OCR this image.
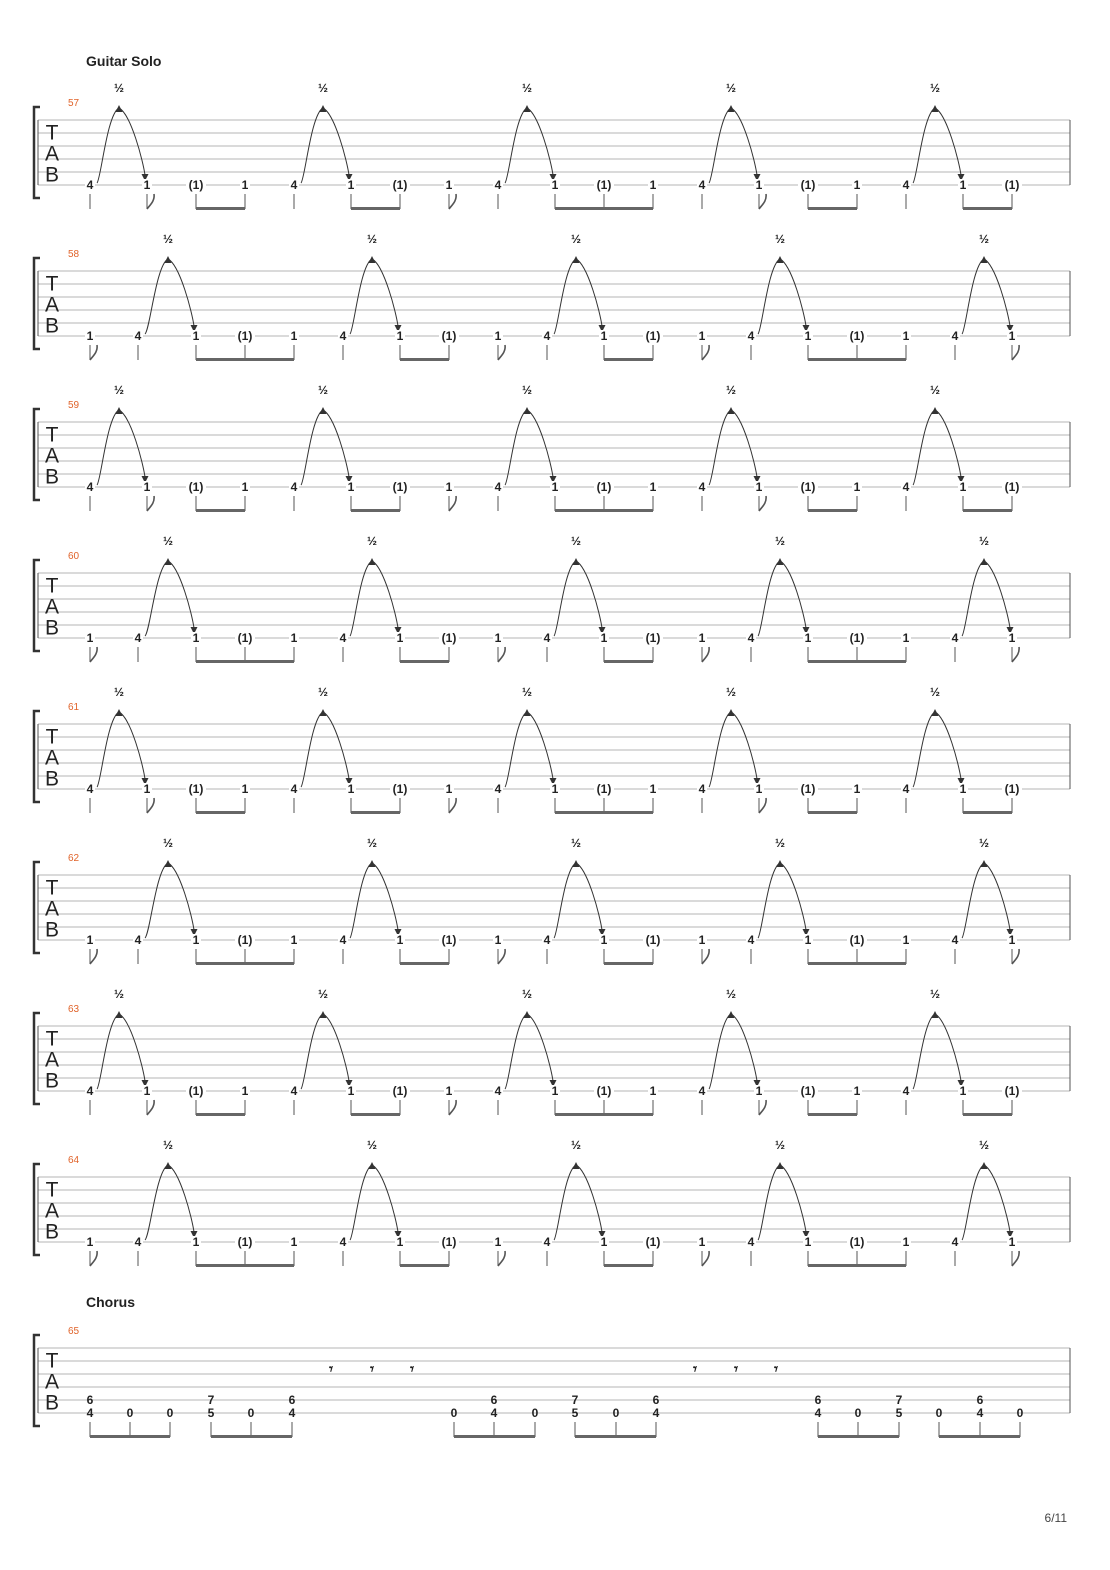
Guitar Solo
Chorus
T
A
B
57
½	½	½	½	½
4	1	(1)	1	4	1	(1)	1	4	1	(1)	1	4	1	(1)	1	4	1	(1)
T
A
B
58
½	½	½	½	½
1	4	1	(1)	1	4	1	(1)	1	4	1	(1)	1	4	1	(1)	1	4	1
T
A
B
59
½	½	½	½	½
4	1	(1)	1	4	1	(1)	1	4	1	(1)	1	4	1	(1)	1	4	1	(1)
T
A
B
60
½	½	½	½	½
1	4	1	(1)	1	4	1	(1)	1	4	1	(1)	1	4	1	(1)	1	4	1
T
A
B
61
½	½	½	½	½
4	1	(1)	1	4	1	(1)	1	4	1	(1)	1	4	1	(1)	1	4	1	(1)
T
A
B
62
½	½	½	½	½
1	4	1	(1)	1	4	1	(1)	1	4	1	(1)	1	4	1	(1)	1	4	1
T
A
B
63
½	½	½	½	½
4	1	(1)	1	4	1	(1)	1	4	1	(1)	1	4	1	(1)	1	4	1	(1)
T
A
B
64
½	½	½	½	½
1	4	1	(1)	1	4	1	(1)	1	4	1	(1)	1	4	1	(1)	1	4	1
T
A
B
65
6
4	0	0
7
5	0
6
4	0
6
4	0
7
5	0
6
4
6
4	0
7
5	0
6
4	0
𝄾 𝄾 𝄾	𝄾 𝄾 𝄾
6/11
